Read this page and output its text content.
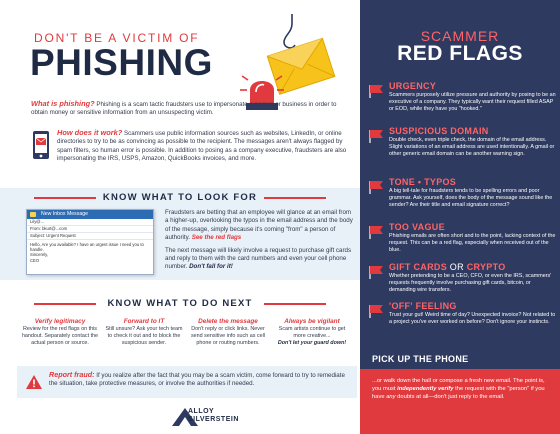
DON'T BE A VICTIM OF
PHISHING
What is phishing? Phishing is a scam tactic fraudsters use to impersonate a person or business in order to obtain money or sensitive information from an unsuspecting victim.
How does it work? Scammers use public information sources such as websites, LinkedIn, or online directories to try to be as convincing as possible to the recipient. The messages aren't always flagged by spam filters, so human error is possible. In addition to posing as a company executive, fraudsters are also impersonating the IRS, USPS, Amazon, QuickBooks invoices, and more.
KNOW WHAT TO LOOK FOR
New Inbox Message
Lily@...
From: bkurt@...com
Subject: Urgent Request
Hello, Are you available? I have an urgent issue I need you to handle.
Sincerely,
CEO

Fraudsters are betting that an employee will glance at an email from a higher-up, overlooking the typos in the email address and the body of the message, simply because it's coming "from" a person of authority. See the red flags

The next message will likely involve a request to purchase gift cards and reply to them with the card numbers and even your cell phone number. Don't fall for it!

KNOW WHAT TO DO NEXT
Verify legitimacy
Review for the red flags on this handout. Separately contact the actual person or source.
Forward to IT
Still unsure? Ask your tech team to check it out and to block the suspicious sender.
Delete the message
Don't reply or click links. Never send sensitive info such as cell phone or routing numbers.
Always be vigilant
Scam artists continue to get more creative...
Don't let your guard down!
Report fraud: If you realize after the fact that you may be a scam victim, come forward to try to remediate the situation, take protective measures, or involve the authorities if needed.
ALLOY
SILVERSTEIN
SCAMMER
RED FLAGS
URGENCY
Scammers purposely utilize pressure and authority by posing to be an executive of a company. They typically want their request filled ASAP or EOD, while they have you "hooked."
SUSPICIOUS DOMAIN
Double check, even triple check, the domain of the email address. Slight variations of an email address are used intentionally. A gmail or other generic email domain can be another warning sign.
TONE • TYPOS
A big tell-tale for fraudsters tends to be spelling errors and poor grammar. Ask yourself, does the body of the message sound like the sender? Are their title and email signature correct?
TOO VAGUE
Phishing emails are often short and to the point, lacking context of the request. This can be a red flag, especially when received out of the blue.
GIFT CARDS OR CRYPTO
Whether pretending to be a CEO, CFO, or even the IRS, scammers' requests frequently involve purchasing gift cards, bitcoin, or demanding wire transfers.
'OFF' FEELING
Trust your gut! Weird time of day? Unexpected invoice? Not related to a project you've ever worked on before? Don't ignore your instincts.
PICK UP THE PHONE
...or walk down the hall or compose a fresh new email. The point is, you must independently verify the request with the "person" if you have any doubts at all—don't just reply to the email.
